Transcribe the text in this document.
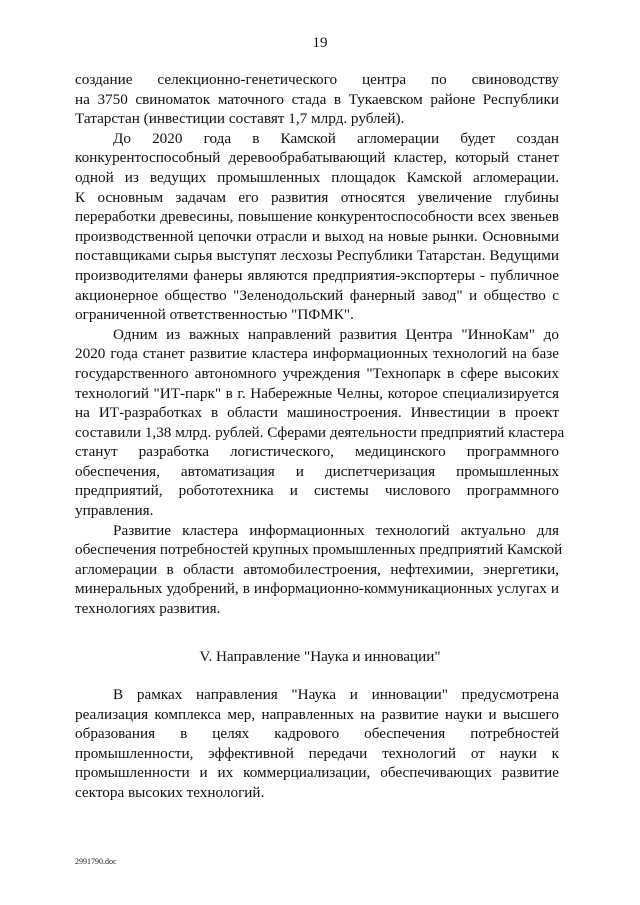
19

создание селекционно-генетического центра по свиноводству
на 3750 свиноматок маточного стада в Тукаевском районе Республики
Татарстан (инвестиции составят 1,7 млрд. рублей).

До 2020 года в Камской агломерации будет создан
конкурентоспособный деревообрабатывающий кластер, который станет
одной из ведущих промышленных площадок Камской агломерации.
К основным задачам его развития относятся увеличение глубины
переработки древесины, повышение конкурентоспособности всех звеньев
производственной цепочки отрасли и выход на новые рынки. Основными
поставщиками сырья выступят лесхозы Республики Татарстан. Ведущими
производителями фанеры являются предприятия-экспортеры - публичное
акционерное общество "Зеленодольский фанерный завод" и общество с
ограниченной ответственностью "ПФМК".

Одним из важных направлений развития Центра "ИнноКам" до
2020 года станет развитие кластера информационных технологий на базе
государственного автономного учреждения "Технопарк в сфере высоких
технологий "ИТ-парк" в г. Набережные Челны, которое специализируется
на ИТ-разработках в области машиностроения. Инвестиции в проект
составили 1,38 млрд. рублей. Сферами деятельности предприятий кластера
станут разработка логистического, медицинского программного
обеспечения, автоматизация и диспетчеризация промышленных
предприятий, робототехника и системы числового программного
управления.

Развитие кластера информационных технологий актуально для
обеспечения потребностей крупных промышленных предприятий Камской
агломерации в области автомобилестроения, нефтехимии, энергетики,
минеральных удобрений, в информационно-коммуникационных услугах и
технологиях развития.

V. Направление "Наука и инновации"

В рамках направления "Наука и инновации" предусмотрена
реализация комплекса мер, направленных на развитие науки и высшего
образования в целях кадрового обеспечения потребностей
промышленности, эффективной передачи технологий от науки к
промышленности и их коммерциализации, обеспечивающих развитие
сектора высоких технологий.

2991790.doc
